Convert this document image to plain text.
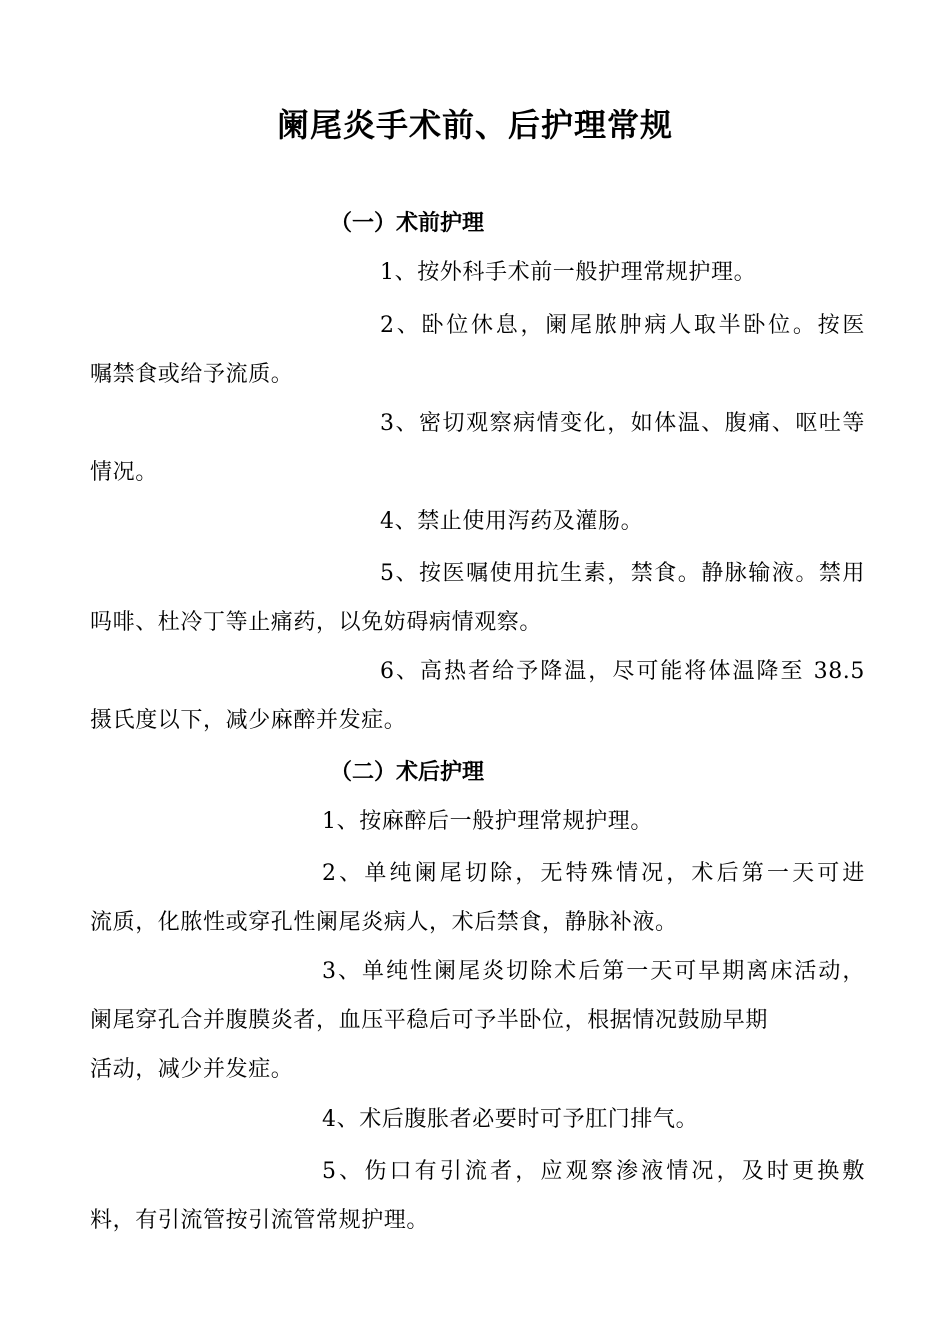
阑尾炎手术前、后护理常规
（一）术前护理
1、按外科手术前一般护理常规护理。
2、卧位休息，阑尾脓肿病人取半卧位。按医
嘱禁食或给予流质。
3、密切观察病情变化，如体温、腹痛、呕吐等
情况。
4、禁止使用泻药及灌肠。
5、按医嘱使用抗生素，禁食。静脉输液。禁用
吗啡、杜冷丁等止痛药，以免妨碍病情观察。
6、高热者给予降温，尽可能将体温降至 38.5
摄氏度以下，减少麻醉并发症。
（二）术后护理
1、按麻醉后一般护理常规护理。
2、单纯阑尾切除，无特殊情况，术后第一天可进
流质，化脓性或穿孔性阑尾炎病人，术后禁食，静脉补液。
3、单纯性阑尾炎切除术后第一天可早期离床活动，
阑尾穿孔合并腹膜炎者，血压平稳后可予半卧位，根据情况鼓励早期
活动，减少并发症。
4、术后腹胀者必要时可予肛门排气。
5、伤口有引流者，应观察渗液情况，及时更换敷
料，有引流管按引流管常规护理。
